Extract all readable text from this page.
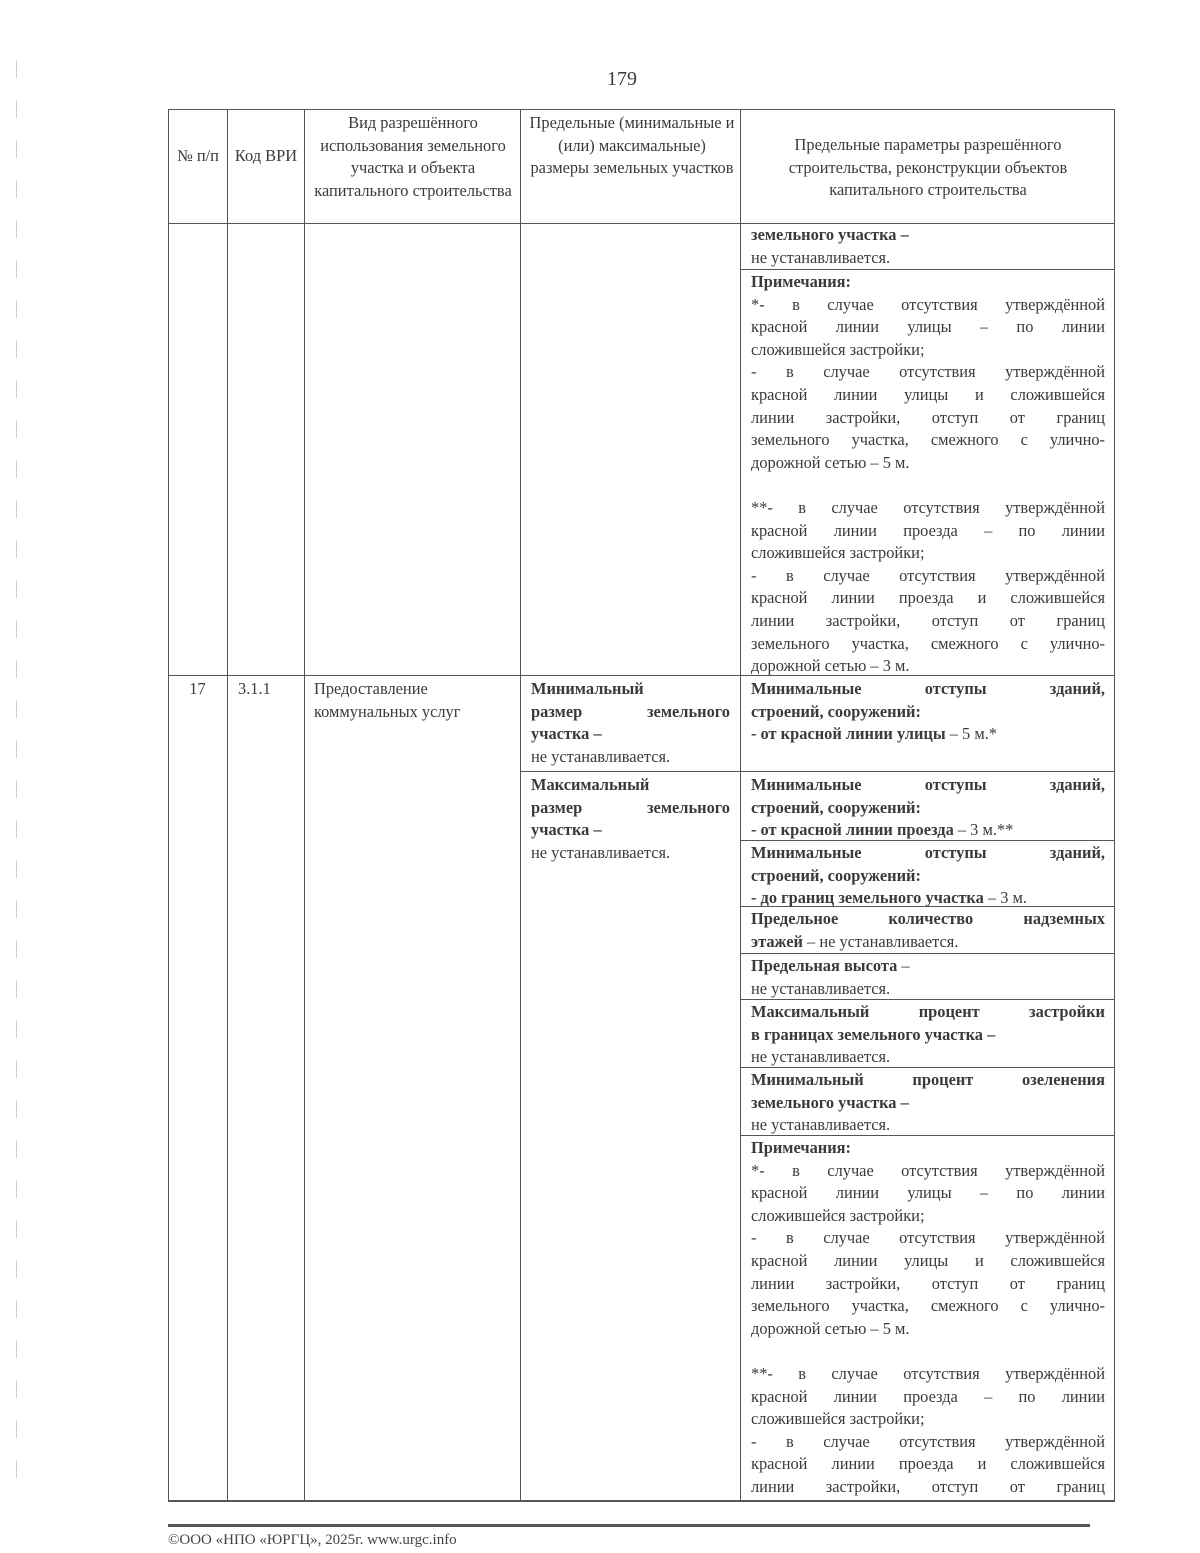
179
№ п/п Код ВРИ
Вид разрешённого использования земельного участка и объекта капитального строительства
Предельные (минимальные и (или) максимальные) размеры земельных участков
Предельные параметры разрешённого строительства, реконструкции объектов капитального строительства
земельного участка –
не устанавливается.
Примечания:
*- в случае отсутствия утверждённой
красной линии улицы – по линии
сложившейся застройки;
- в случае отсутствия утверждённой
красной линии улицы и сложившейся
линии застройки, отступ от границ
земельного участка, смежного с улично-
дорожной сетью – 5 м.
**- в случае отсутствия утверждённой
красной линии проезда – по линии
сложившейся застройки;
- в случае отсутствия утверждённой
красной линии проезда и сложившейся
линии застройки, отступ от границ
земельного участка, смежного с улично-
дорожной сетью – 3 м.
17	3.1.1	Предоставление
коммунальных услуг
Минимальный
размер земельного
участка –
не устанавливается.
Максимальный
размер земельного
участка –
не устанавливается.
Минимальные отступы зданий,
строений, сооружений:
- от красной линии улицы – 5 м.*
Минимальные отступы зданий,
строений, сооружений:
- от красной линии проезда – 3 м.**
Минимальные отступы зданий,
строений, сооружений:
- до границ земельного участка – 3 м.
Предельное количество надземных
этажей – не устанавливается.
Предельная высота –
не устанавливается.
Максимальный процент застройки
в границах земельного участка –
не устанавливается.
Минимальный процент озеленения
земельного участка –
не устанавливается.
Примечания:
*- в случае отсутствия утверждённой
красной линии улицы – по линии
сложившейся застройки;
- в случае отсутствия утверждённой
красной линии улицы и сложившейся
линии застройки, отступ от границ
земельного участка, смежного с улично-
дорожной сетью – 5 м.
**- в случае отсутствия утверждённой
красной линии проезда – по линии
сложившейся застройки;
- в случае отсутствия утверждённой
красной линии проезда и сложившейся
линии застройки, отступ от границ
©ООО «НПО «ЮРГЦ», 2025г. www.urgc.info
